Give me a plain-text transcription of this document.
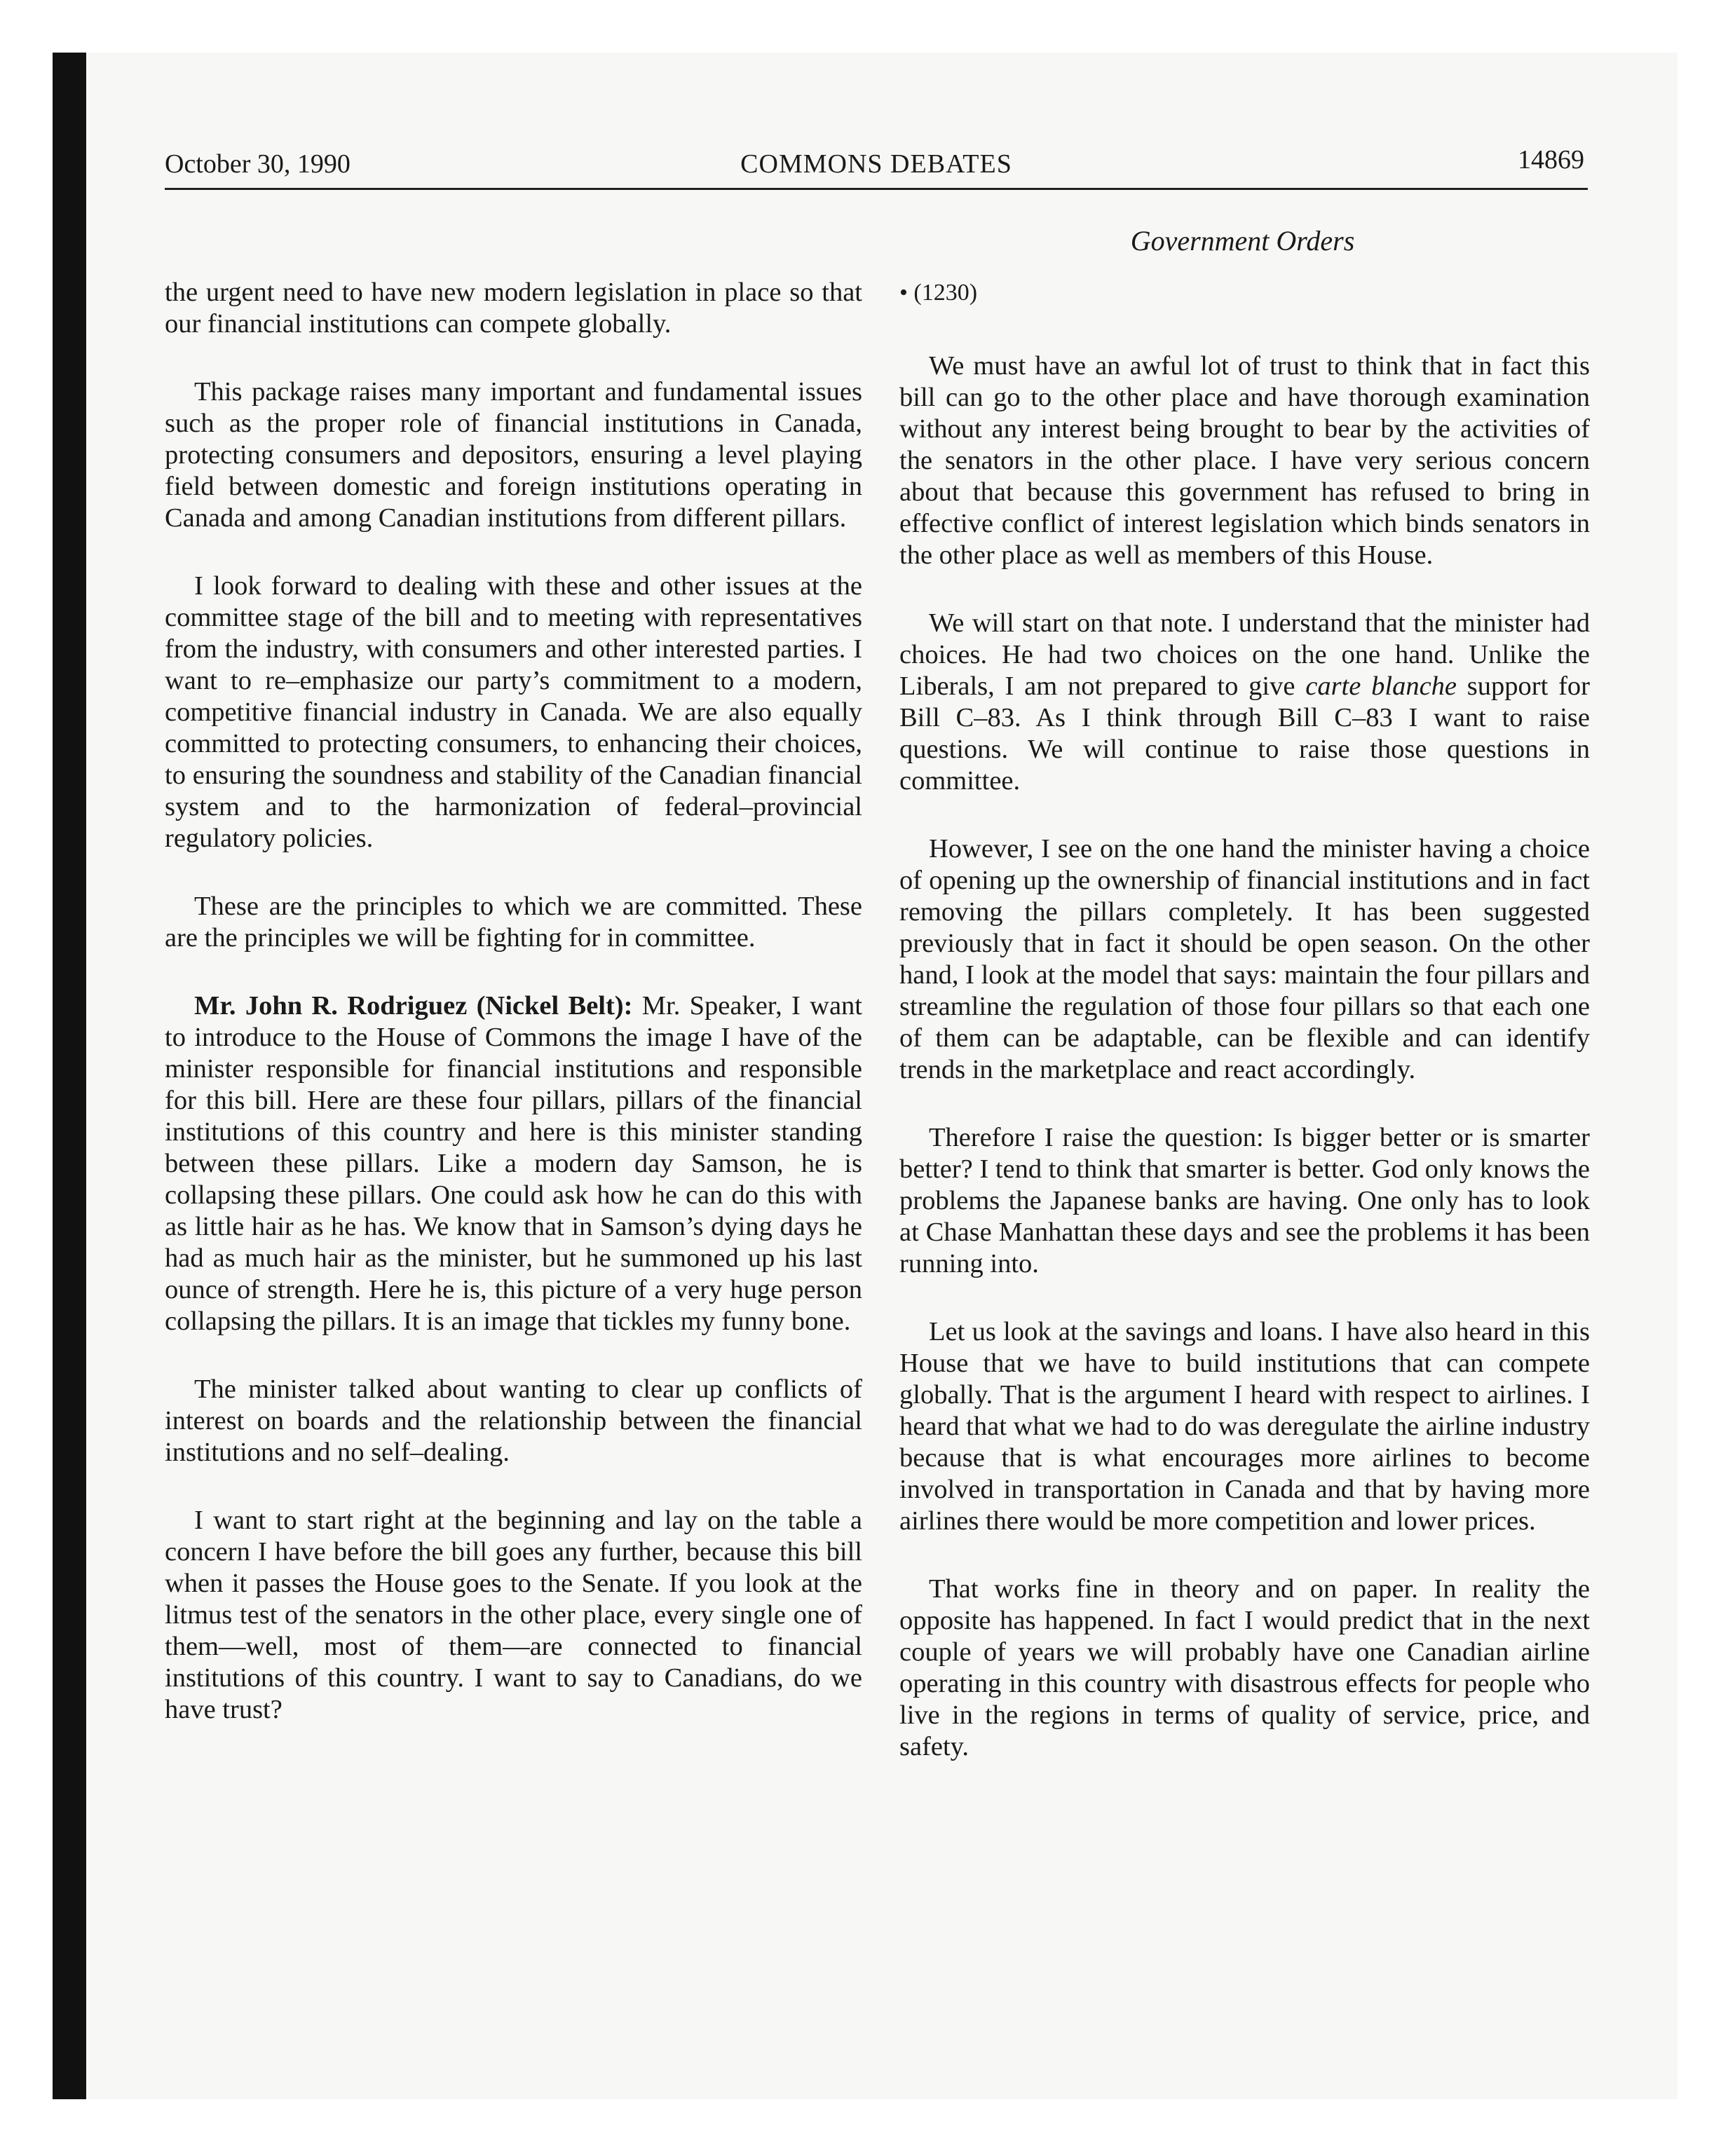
October 30, 1990	COMMONS DEBATES	14869
Government Orders

the urgent need to have new modern legislation in place so that our financial institutions can compete globally.

This package raises many important and fundamental issues such as the proper role of financial institutions in Canada, protecting consumers and depositors, ensuring a level playing field between domestic and foreign institutions operating in Canada and among Canadian institutions from different pillars.

I look forward to dealing with these and other issues at the committee stage of the bill and to meeting with representatives from the industry, with consumers and other interested parties. I want to re–emphasize our party’s commitment to a modern, competitive financial industry in Canada. We are also equally committed to protecting consumers, to enhancing their choices, to ensuring the soundness and stability of the Canadian financial system and to the harmonization of federal–provincial regulatory policies.

These are the principles to which we are committed. These are the principles we will be fighting for in committee.

Mr. John R. Rodriguez (Nickel Belt): Mr. Speaker, I want to introduce to the House of Commons the image I have of the minister responsible for financial institutions and responsible for this bill. Here are these four pillars, pillars of the financial institutions of this country and here is this minister standing between these pillars. Like a modern day Samson, he is collapsing these pillars. One could ask how he can do this with as little hair as he has. We know that in Samson’s dying days he had as much hair as the minister, but he summoned up his last ounce of strength. Here he is, this picture of a very huge person collapsing the pillars. It is an image that tickles my funny bone.

The minister talked about wanting to clear up conflicts of interest on boards and the relationship between the financial institutions and no self–dealing.

I want to start right at the beginning and lay on the table a concern I have before the bill goes any further, because this bill when it passes the House goes to the Senate. If you look at the litmus test of the senators in the other place, every single one of them—well, most of them—are connected to financial institutions of this country. I want to say to Canadians, do we have trust?

• (1230)

We must have an awful lot of trust to think that in fact this bill can go to the other place and have thorough examination without any interest being brought to bear by the activities of the senators in the other place. I have very serious concern about that because this government has refused to bring in effective conflict of interest legislation which binds senators in the other place as well as members of this House.

We will start on that note. I understand that the minister had choices. He had two choices on the one hand. Unlike the Liberals, I am not prepared to give carte blanche support for Bill C–83. As I think through Bill C–83 I want to raise questions. We will continue to raise those questions in committee.

However, I see on the one hand the minister having a choice of opening up the ownership of financial institutions and in fact removing the pillars completely. It has been suggested previously that in fact it should be open season. On the other hand, I look at the model that says: maintain the four pillars and streamline the regulation of those four pillars so that each one of them can be adaptable, can be flexible and can identify trends in the marketplace and react accordingly.

Therefore I raise the question: Is bigger better or is smarter better? I tend to think that smarter is better. God only knows the problems the Japanese banks are having. One only has to look at Chase Manhattan these days and see the problems it has been running into.

Let us look at the savings and loans. I have also heard in this House that we have to build institutions that can compete globally. That is the argument I heard with respect to airlines. I heard that what we had to do was deregulate the airline industry because that is what encourages more airlines to become involved in transportation in Canada and that by having more airlines there would be more competition and lower prices.

That works fine in theory and on paper. In reality the opposite has happened. In fact I would predict that in the next couple of years we will probably have one Canadian airline operating in this country with disastrous effects for people who live in the regions in terms of quality of service, price, and safety.
